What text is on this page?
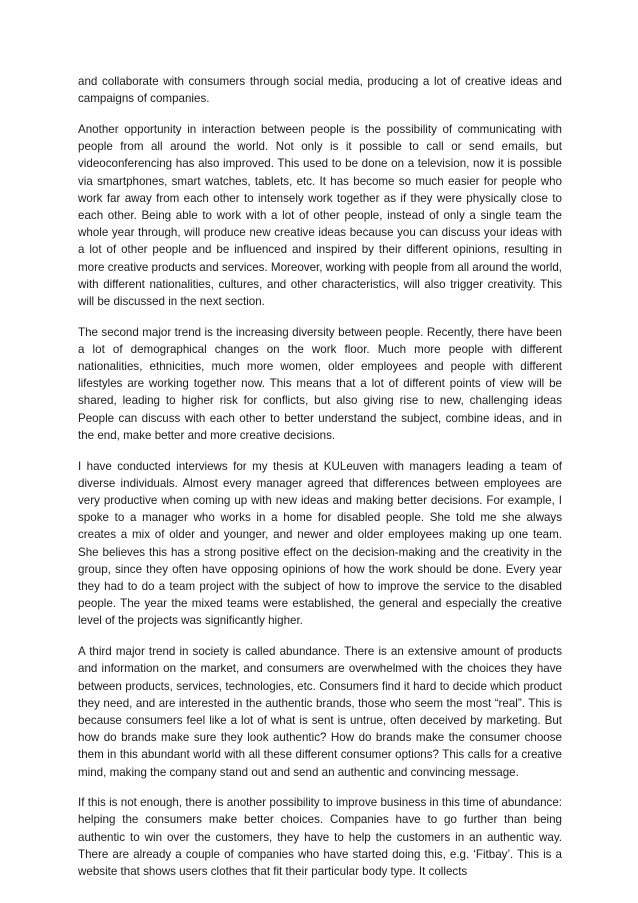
and collaborate with consumers through social media, producing a lot of creative ideas and campaigns of companies.

Another opportunity in interaction between people is the possibility of communicating with people from all around the world. Not only is it possible to call or send emails, but videoconferencing has also improved. This used to be done on a television, now it is possible via smartphones, smart watches, tablets, etc. It has become so much easier for people who work far away from each other to intensely work together as if they were physically close to each other. Being able to work with a lot of other people, instead of only a single team the whole year through, will produce new creative ideas because you can discuss your ideas with a lot of other people and be influenced and inspired by their different opinions, resulting in more creative products and services. Moreover, working with people from all around the world, with different nationalities, cultures, and other characteristics, will also trigger creativity. This will be discussed in the next section.

The second major trend is the increasing diversity between people. Recently, there have been a lot of demographical changes on the work floor. Much more people with different nationalities, ethnicities, much more women, older employees and people with different lifestyles are working together now. This means that a lot of different points of view will be shared, leading to higher risk for conflicts, but also giving rise to new, challenging ideas People can discuss with each other to better understand the subject, combine ideas, and in the end, make better and more creative decisions.

I have conducted interviews for my thesis at KULeuven with managers leading a team of diverse individuals. Almost every manager agreed that differences between employees are very productive when coming up with new ideas and making better decisions. For example, I spoke to a manager who works in a home for disabled people. She told me she always creates a mix of older and younger, and newer and older employees making up one team. She believes this has a strong positive effect on the decision-making and the creativity in the group, since they often have opposing opinions of how the work should be done. Every year they had to do a team project with the subject of how to improve the service to the disabled people. The year the mixed teams were established, the general and especially the creative level of the projects was significantly higher.

A third major trend in society is called abundance. There is an extensive amount of products and information on the market, and consumers are overwhelmed with the choices they have between products, services, technologies, etc. Consumers find it hard to decide which product they need, and are interested in the authentic brands, those who seem the most “real”. This is because consumers feel like a lot of what is sent is untrue, often deceived by marketing. But how do brands make sure they look authentic? How do brands make the consumer choose them in this abundant world with all these different consumer options? This calls for a creative mind, making the company stand out and send an authentic and convincing message.

If this is not enough, there is another possibility to improve business in this time of abundance: helping the consumers make better choices. Companies have to go further than being authentic to win over the customers, they have to help the customers in an authentic way. There are already a couple of companies who have started doing this, e.g. ‘Fitbay’. This is a website that shows users clothes that fit their particular body type. It collects
